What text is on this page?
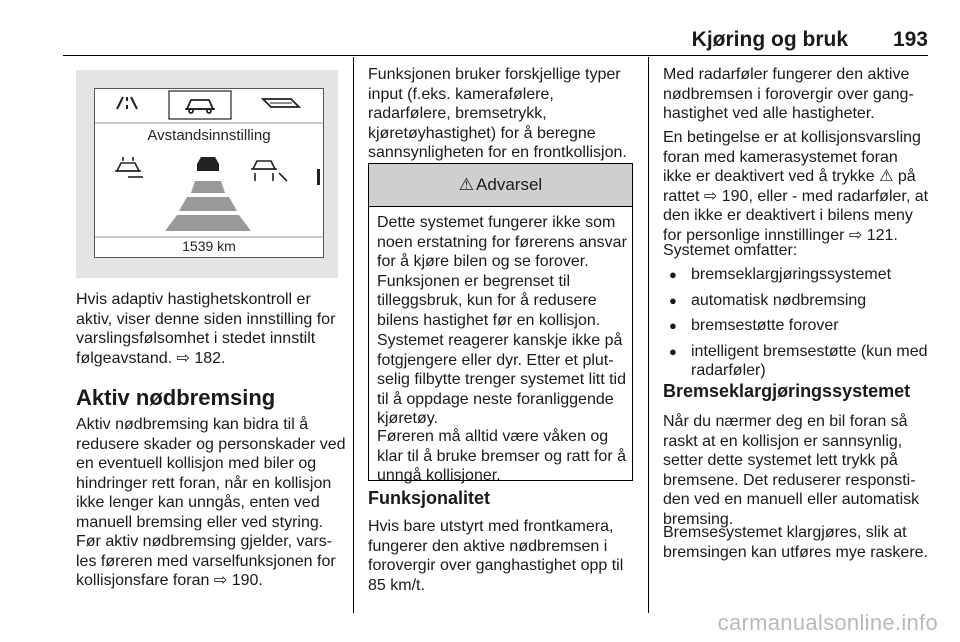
Kjøring og bruk 193
Avstandsinnstilling
1539 km

Hvis adaptiv hastighetskontroll er aktiv, viser denne siden innstilling for varslingsfølsomhet i stedet innstilt følgeavstand. ⇨ 182.

Aktiv nødbremsing

Aktiv nødbremsing kan bidra til å redusere skader og personskader ved en eventuell kollisjon med biler og hindringer rett foran, når en kollisjon ikke lenger kan unngås, enten ved manuell bremsing eller ved styring. Før aktiv nødbremsing gjelder, varsles føreren med varselfunksjonen for kollisjonsfare foran ⇨ 190.

Funksjonen bruker forskjellige typer input (f.eks. kamerafølere, radarfølere, bremsetrykk, kjøretøyhastighet) for å beregne sannsynligheten for en frontkollisjon.

⚠ Advarsel

Dette systemet fungerer ikke som noen erstatning for førerens ansvar for å kjøre bilen og se forover. Funksjonen er begrenset til tilleggsbruk, kun for å redusere bilens hastighet før en kollisjon.

Systemet reagerer kanskje ikke på fotgjengere eller dyr. Etter et plutselig filbytte trenger systemet litt tid til å oppdage neste foranliggende kjøretøy.

Føreren må alltid være våken og klar til å bruke bremser og ratt for å unngå kollisjoner.

Funksjonalitet

Hvis bare utstyrt med frontkamera, fungerer den aktive nødbremsen i forovergir over ganghastighet opp til 85 km/t.

Med radarføler fungerer den aktive nødbremsen i forovergir over ganghastighet ved alle hastigheter.

En betingelse er at kollisjonsvarsling foran med kamerasystemet foran ikke er deaktivert ved å trykke ⚠ på rattet ⇨ 190, eller - med radarføler, at den ikke er deaktivert i bilens meny for personlige innstillinger ⇨ 121.

Systemet omfatter:

● bremseklargjøringssystemet
● automatisk nødbremsing
● bremsestøtte forover
● intelligent bremsestøtte (kun med radarføler)
Bremseklargjøringssystemet

Når du nærmer deg en bil foran så raskt at en kollisjon er sannsynlig, setter dette systemet lett trykk på bremsene. Det reduserer responstiden ved en manuell eller automatisk bremsing.

Bremsesystemet klargjøres, slik at bremsingen kan utføres mye raskere.

carmanualsonline.info
